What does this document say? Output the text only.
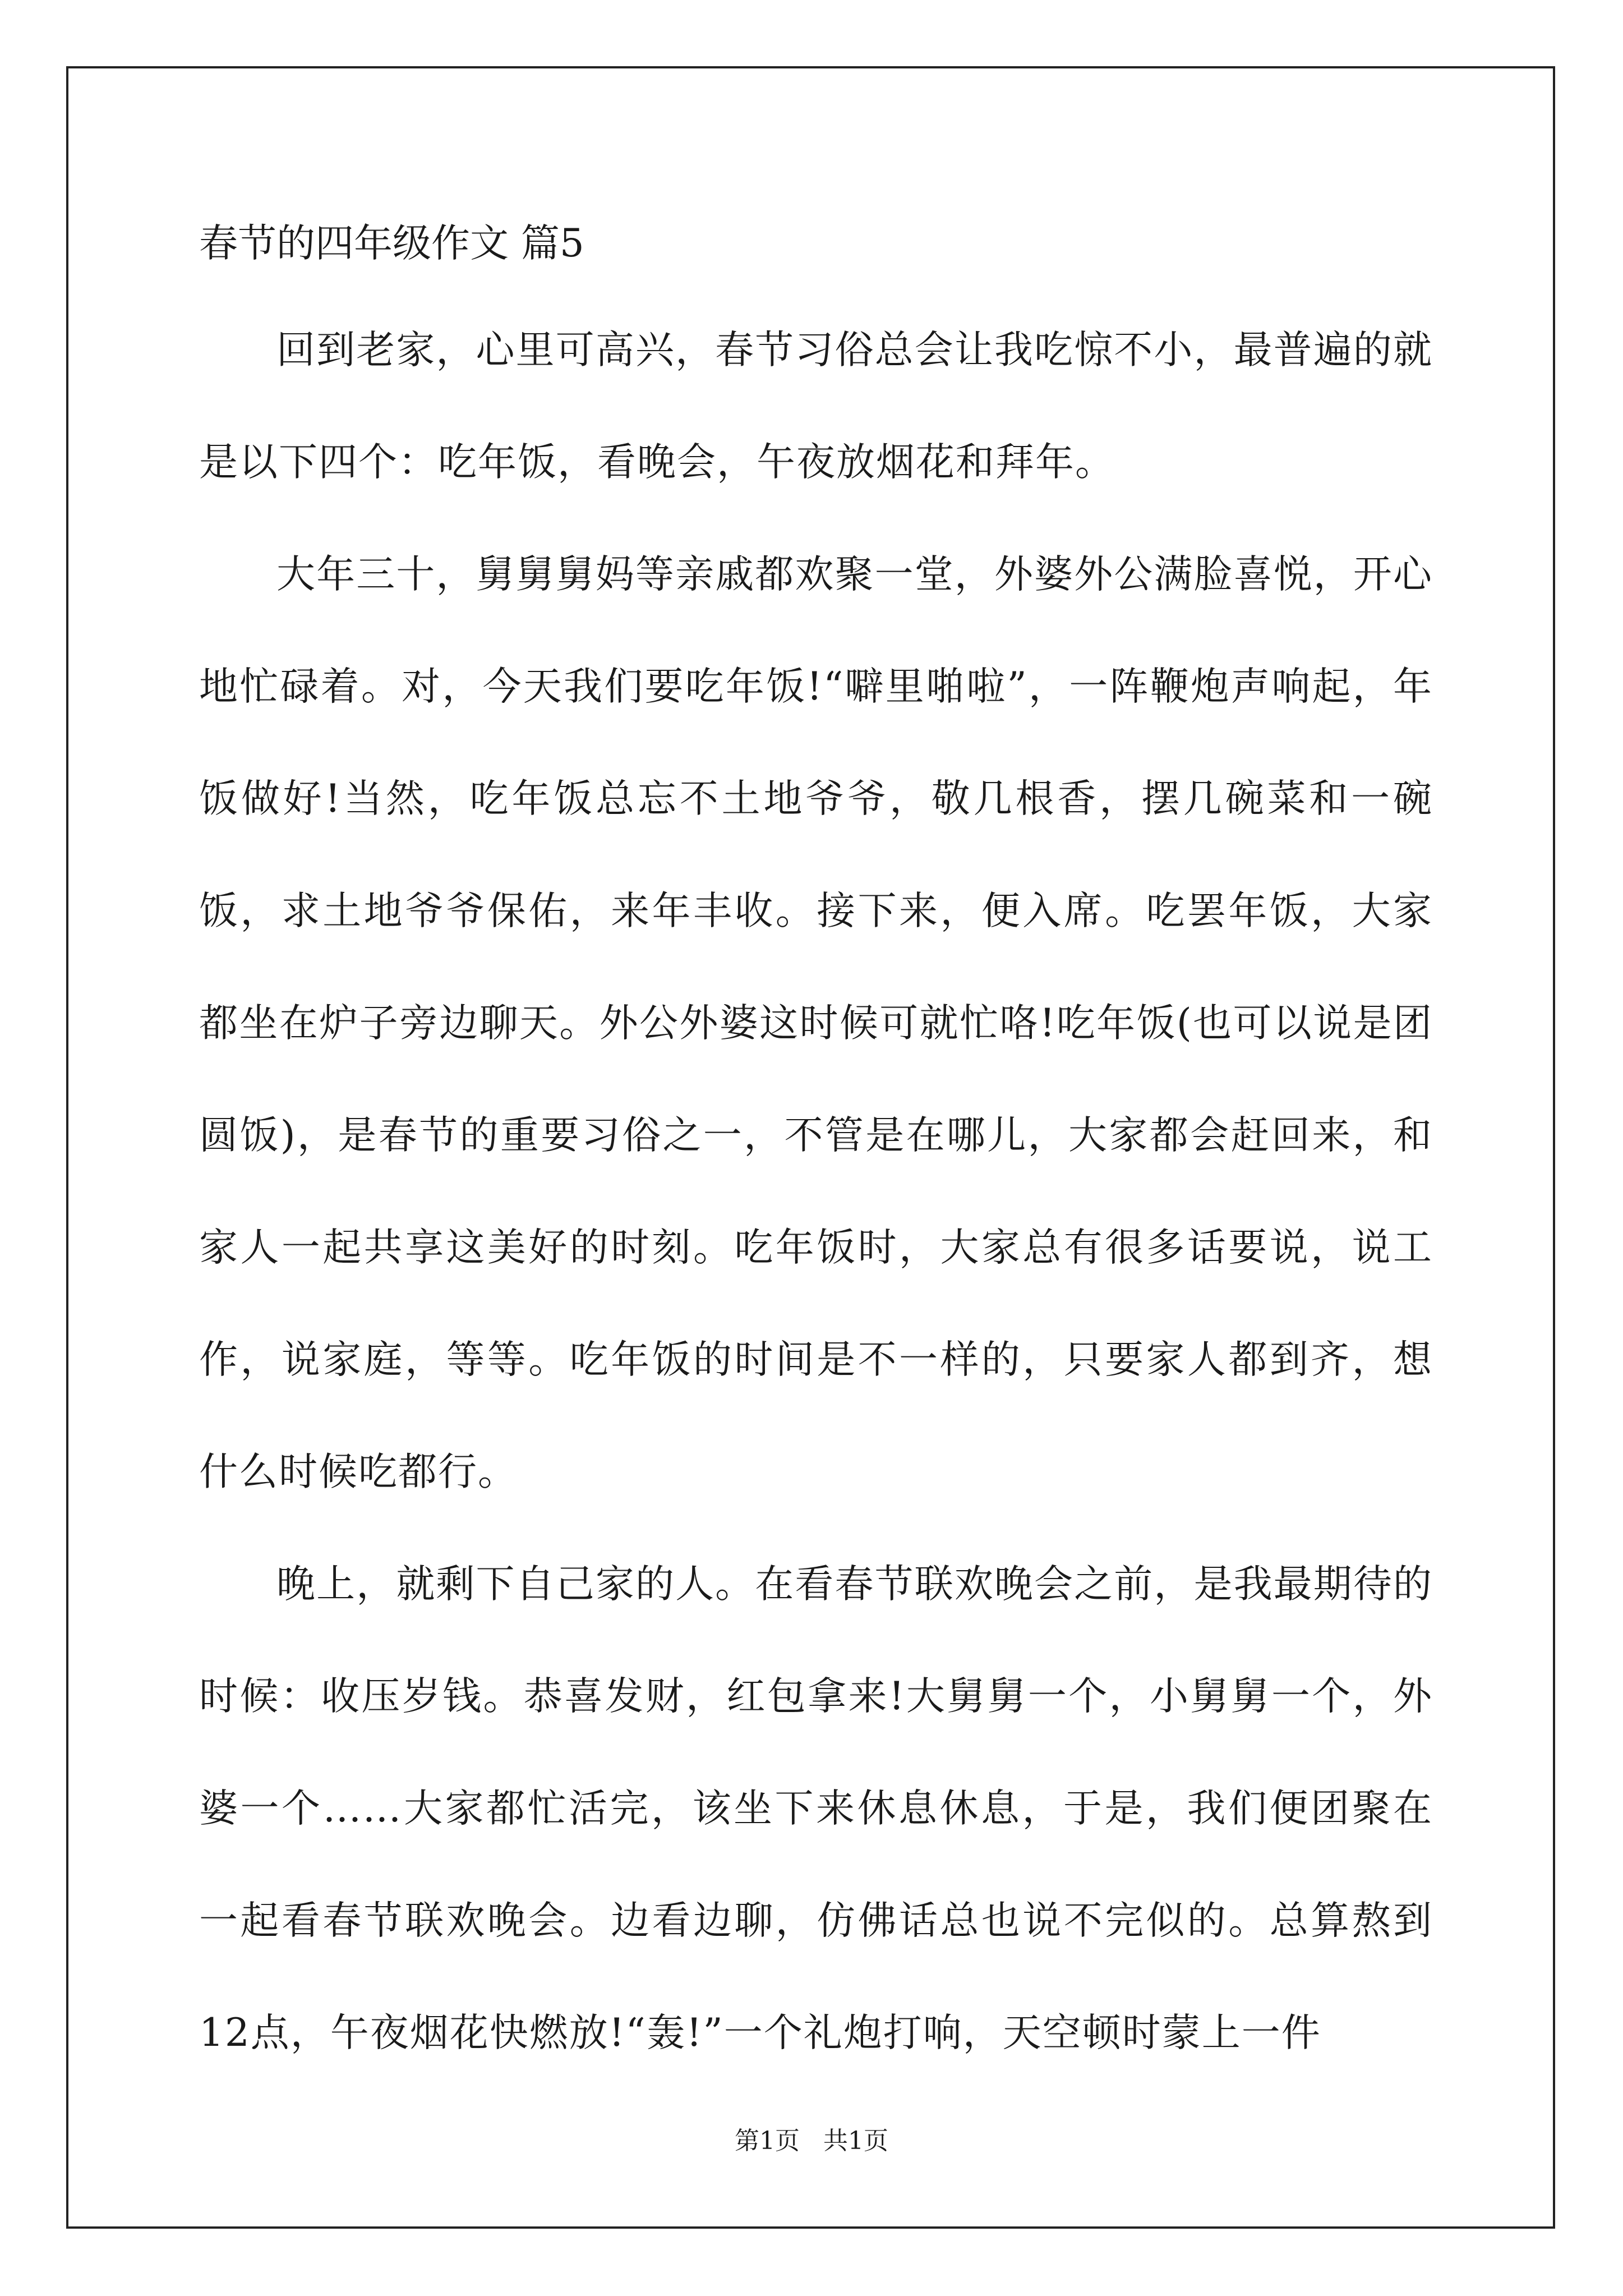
春节的四年级作文 篇5

回到老家，心里可高兴，春节习俗总会让我吃惊不小，最普遍的就是以下四个：吃年饭，看晚会，午夜放烟花和拜年。

大年三十，舅舅舅妈等亲戚都欢聚一堂，外婆外公满脸喜悦，开心地忙碌着。对，今天我们要吃年饭!“噼里啪啦”，一阵鞭炮声响起，年饭做好!当然，吃年饭总忘不土地爷爷，敬几根香，摆几碗菜和一碗饭，求土地爷爷保佑，来年丰收。接下来，便入席。吃罢年饭，大家都坐在炉子旁边聊天。外公外婆这时候可就忙咯!吃年饭(也可以说是团圆饭)，是春节的重要习俗之一，不管是在哪儿，大家都会赶回来，和家人一起共享这美好的时刻。吃年饭时，大家总有很多话要说，说工作，说家庭，等等。吃年饭的时间是不一样的，只要家人都到齐，想什么时候吃都行。

晚上，就剩下自己家的人。在看春节联欢晚会之前，是我最期待的时候：收压岁钱。恭喜发财，红包拿来!大舅舅一个，小舅舅一个，外婆一个……大家都忙活完，该坐下来休息休息，于是，我们便团聚在一起看春节联欢晚会。边看边聊，仿佛话总也说不完似的。总算熬到12点，午夜烟花快燃放!“轰!”一个礼炮打响，天空顿时蒙上一件

第1页   共1页
